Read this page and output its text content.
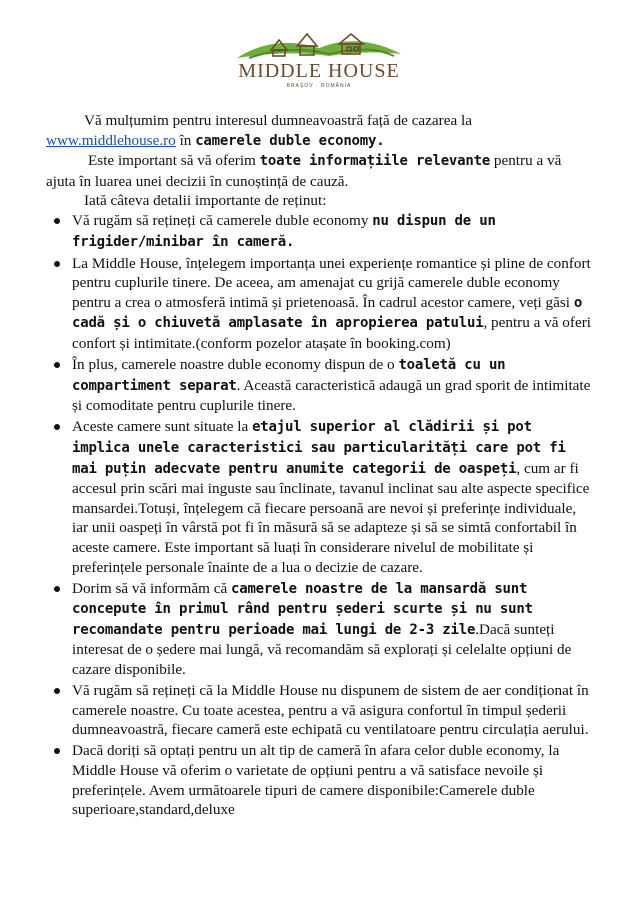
MIDDLE HOUSE
BRAȘOV · ROMÂNIA

Vă mulțumim pentru interesul dumneavoastră față de cazarea la www.middlehouse.ro în camerele duble economy.

Este important să vă oferim toate informațiile relevante pentru a vă ajuta în luarea unei decizii în cunoștință de cauză.

Iată câteva detalii importante de reținut:

Vă rugăm să rețineți că camerele duble economy nu dispun de un frigider/minibar în cameră.
La Middle House, înțelegem importanța unei experiențe romantice și pline de confort pentru cuplurile tinere. De aceea, am amenajat cu grijă camerele duble economy pentru a crea o atmosferă intimă și prietenoasă. În cadrul acestor camere, veți găsi o cadă și o chiuvetă amplasate în apropierea patului, pentru a vă oferi confort și intimitate.(conform pozelor atașate în booking.com)
În plus, camerele noastre duble economy dispun de o toaletă cu un compartiment separat. Această caracteristică adaugă un grad sporit de intimitate și comoditate pentru cuplurile tinere.
Aceste camere sunt situate la etajul superior al clădirii și pot implica unele caracteristici sau particularități care pot fi mai puțin adecvate pentru anumite categorii de oaspeți, cum ar fi accesul prin scări mai inguste sau înclinate, tavanul inclinat sau alte aspecte specifice mansardei.Totuși, înțelegem că fiecare persoană are nevoi și preferințe individuale, iar unii oaspeți în vârstă pot fi în măsură să se adapteze și să se simtă confortabil în aceste camere. Este important să luați în considerare nivelul de mobilitate și preferințele personale înainte de a lua o decizie de cazare.
Dorim să vă informăm că camerele noastre de la mansardă sunt concepute în primul rând pentru șederi scurte și nu sunt recomandate pentru perioade mai lungi de 2-3 zile.Dacă sunteți interesat de o ședere mai lungă, vă recomandăm să explorați și celelalte opțiuni de cazare disponibile.
Vă rugăm să rețineți că la Middle House nu dispunem de sistem de aer condiționat în camerele noastre. Cu toate acestea, pentru a vă asigura confortul în timpul șederii dumneavoastră, fiecare cameră este echipată cu ventilatoare pentru circulația aerului.
Dacă doriți să optați pentru un alt tip de cameră în afara celor duble economy, la Middle House vă oferim o varietate de opțiuni pentru a vă satisface nevoile și preferințele. Avem următoarele tipuri de camere disponibile:Camerele duble superioare,standard,deluxe
